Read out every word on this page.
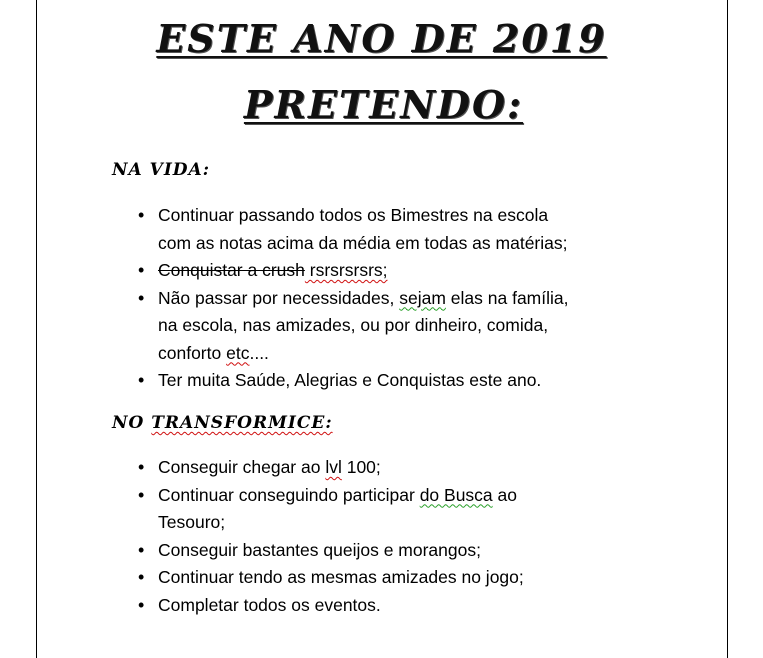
ESTE ANO DE 2019
PRETENDO:
NA VIDA:
• Continuar passando todos os Bimestres na escola
com as notas acima da média em todas as matérias;
• Conquistar a crush rsrsrsrsrs;
• Não passar por necessidades, sejam elas na família,
na escola, nas amizades, ou por dinheiro, comida,
conforto etc....
• Ter muita Saúde, Alegrias e Conquistas este ano.
NO TRANSFORMICE:
• Conseguir chegar ao lvl 100;
• Continuar conseguindo participar do Busca ao
Tesouro;
• Conseguir bastantes queijos e morangos;
• Continuar tendo as mesmas amizades no jogo;
• Completar todos os eventos.
